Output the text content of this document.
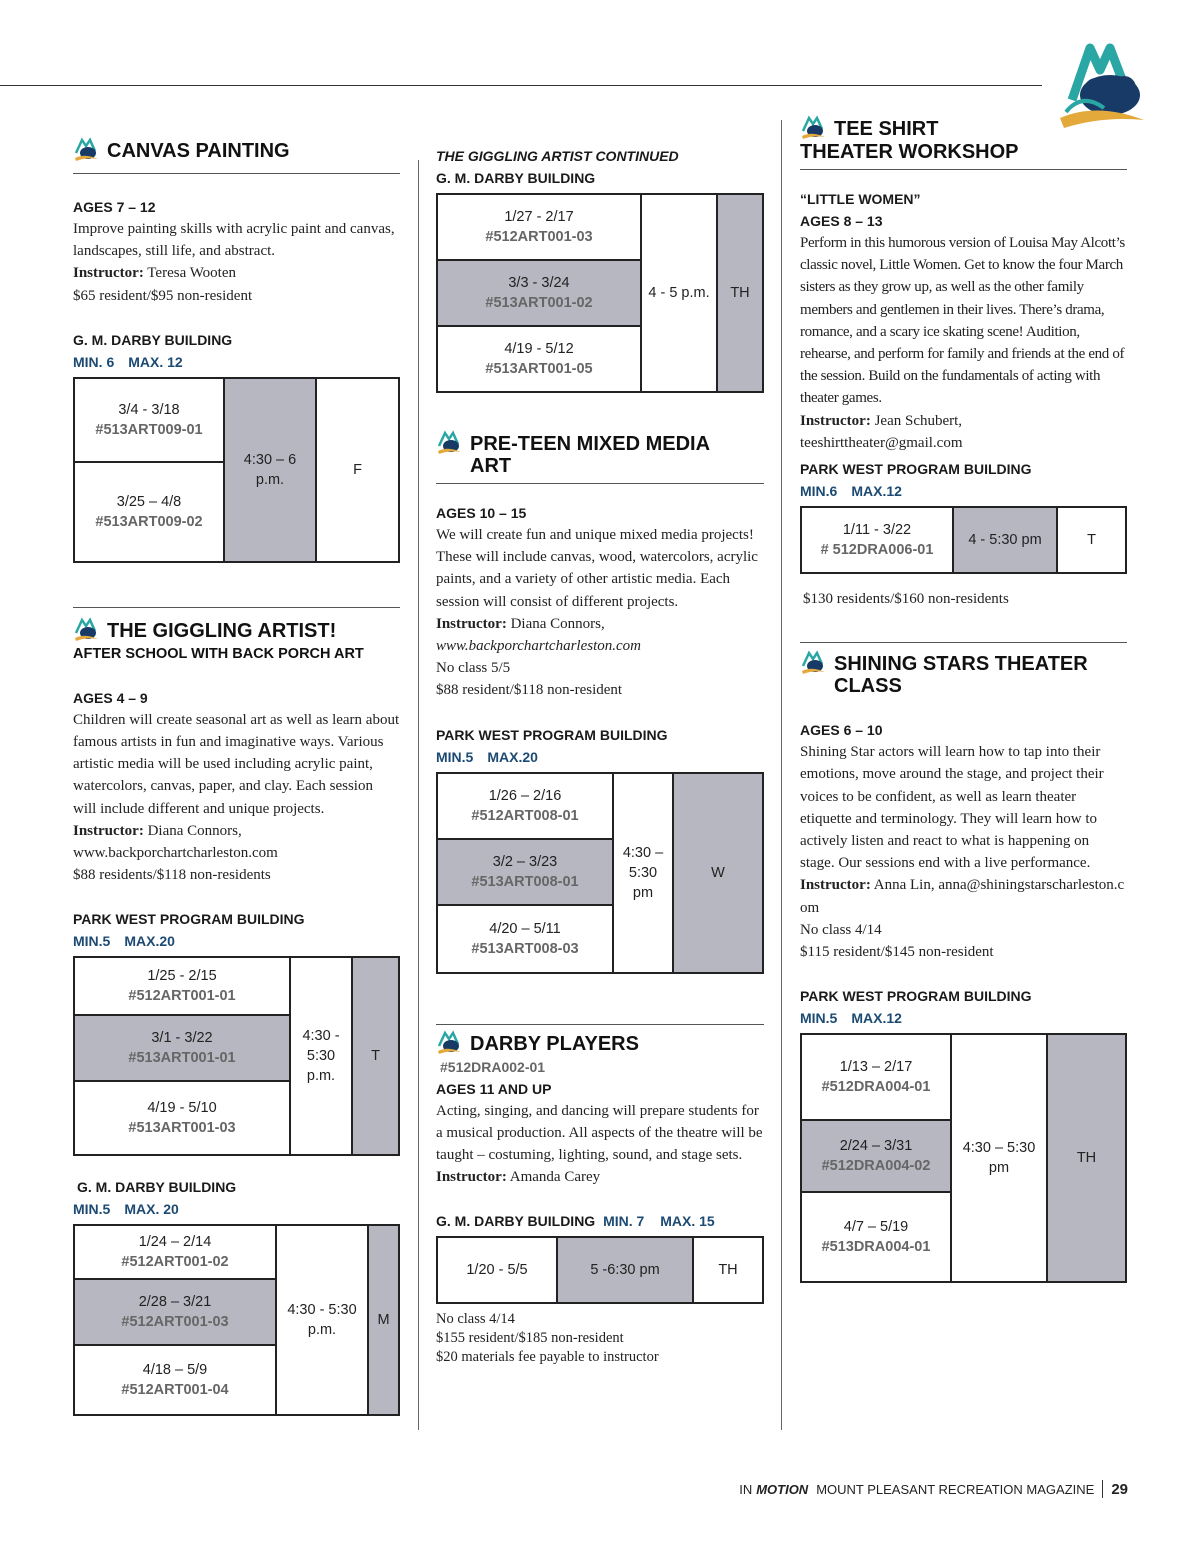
CANVAS PAINTING
AGES 7 – 12
Improve painting skills with acrylic paint and canvas, landscapes, still life, and abstract.
Instructor: Teresa Wooten
$65 resident/$95 non-resident
G. M. DARBY BUILDING
MIN. 6 MAX. 12
3/4 - 3/18
#513ART009-01
	4:30 – 6 p.m.	F

3/25 – 4/8
#513ART009-02
THE GIGGLING ARTIST!
AFTER SCHOOL WITH BACK PORCH ART
AGES 4 – 9
Children will create seasonal art as well as learn about famous artists in fun and imaginative ways. Various artistic media will be used including acrylic paint, watercolors, canvas, paper, and clay. Each session will include different and unique projects.
Instructor: Diana Connors,
www.backporchartcharleston.com
$88 residents/$118 non-residents
PARK WEST PROGRAM BUILDING
MIN.5 MAX.20
1/25 - 2/15
#512ART001-01
	4:30 - 5:30 p.m.	T

3/1 - 3/22
#513ART001-01

4/19 - 5/10
#513ART001-03
G. M. DARBY BUILDING
MIN.5 MAX. 20
1/24 – 2/14
#512ART001-02
	4:30 - 5:30 p.m.	M

2/28 – 3/21
#512ART001-03

4/18 – 5/9
#512ART001-04
THE GIGGLING ARTIST CONTINUED
G. M. DARBY BUILDING
1/27 - 2/17
#512ART001-03
	4 - 5 p.m.	TH

3/3 - 3/24
#513ART001-02

4/19 - 5/12
#513ART001-05
PRE-TEEN MIXED MEDIA ART
AGES 10 – 15
We will create fun and unique mixed media projects! These will include canvas, wood, watercolors, acrylic paints, and a variety of other artistic media. Each session will consist of different projects.
Instructor: Diana Connors,
www.backporchartcharleston.com
No class 5/5
$88 resident/$118 non-resident
PARK WEST PROGRAM BUILDING
MIN.5 MAX.20
1/26 – 2/16
#512ART008-01
	4:30 – 5:30 pm	W

3/2 – 3/23
#513ART008-01

4/20 – 5/11
#513ART008-03
DARBY PLAYERS
#512DRA002-01
AGES 11 AND UP
Acting, singing, and dancing will prepare students for a musical production. All aspects of the theatre will be taught – costuming, lighting, sound, and stage sets.
Instructor: Amanda Carey
G. M. DARBY BUILDING MIN. 7 MAX. 15
1/20 - 5/5	5 -6:30 pm	TH
No class 4/14
$155 resident/$185 non-resident
$20 materials fee payable to instructor
TEE SHIRT
THEATER WORKSHOP
“LITTLE WOMEN”
AGES 8 – 13
Perform in this humorous version of Louisa May Alcott’s classic novel, Little Women. Get to know the four March sisters as they grow up, as well as the other family members and gentlemen in their lives. There’s drama, romance, and a scary ice skating scene! Audition, rehearse, and perform for family and friends at the end of the session. Build on the fundamentals of acting with theater games.
Instructor: Jean Schubert, teeshirttheater@gmail.com
PARK WEST PROGRAM BUILDING
MIN.6 MAX.12
1/11 - 3/22
# 512DRA006-01
	4 - 5:30 pm	T
$130 residents/$160 non-residents
SHINING STARS THEATER CLASS
AGES 6 – 10
Shining Star actors will learn how to tap into their emotions, move around the stage, and project their voices to be confident, as well as learn theater etiquette and terminology. They will learn how to actively listen and react to what is happening on stage. Our sessions end with a live performance.
Instructor: Anna Lin, anna@shiningstarscharleston.com
No class 4/14
$115 resident/$145 non-resident
PARK WEST PROGRAM BUILDING
MIN.5 MAX.12
1/13 – 2/17
#512DRA004-01
	4:30 – 5:30 pm	TH

2/24 – 3/31
#512DRA004-02

4/7 – 5/19
#513DRA004-01
IN MOTION MOUNT PLEASANT RECREATION MAGAZINE 29
